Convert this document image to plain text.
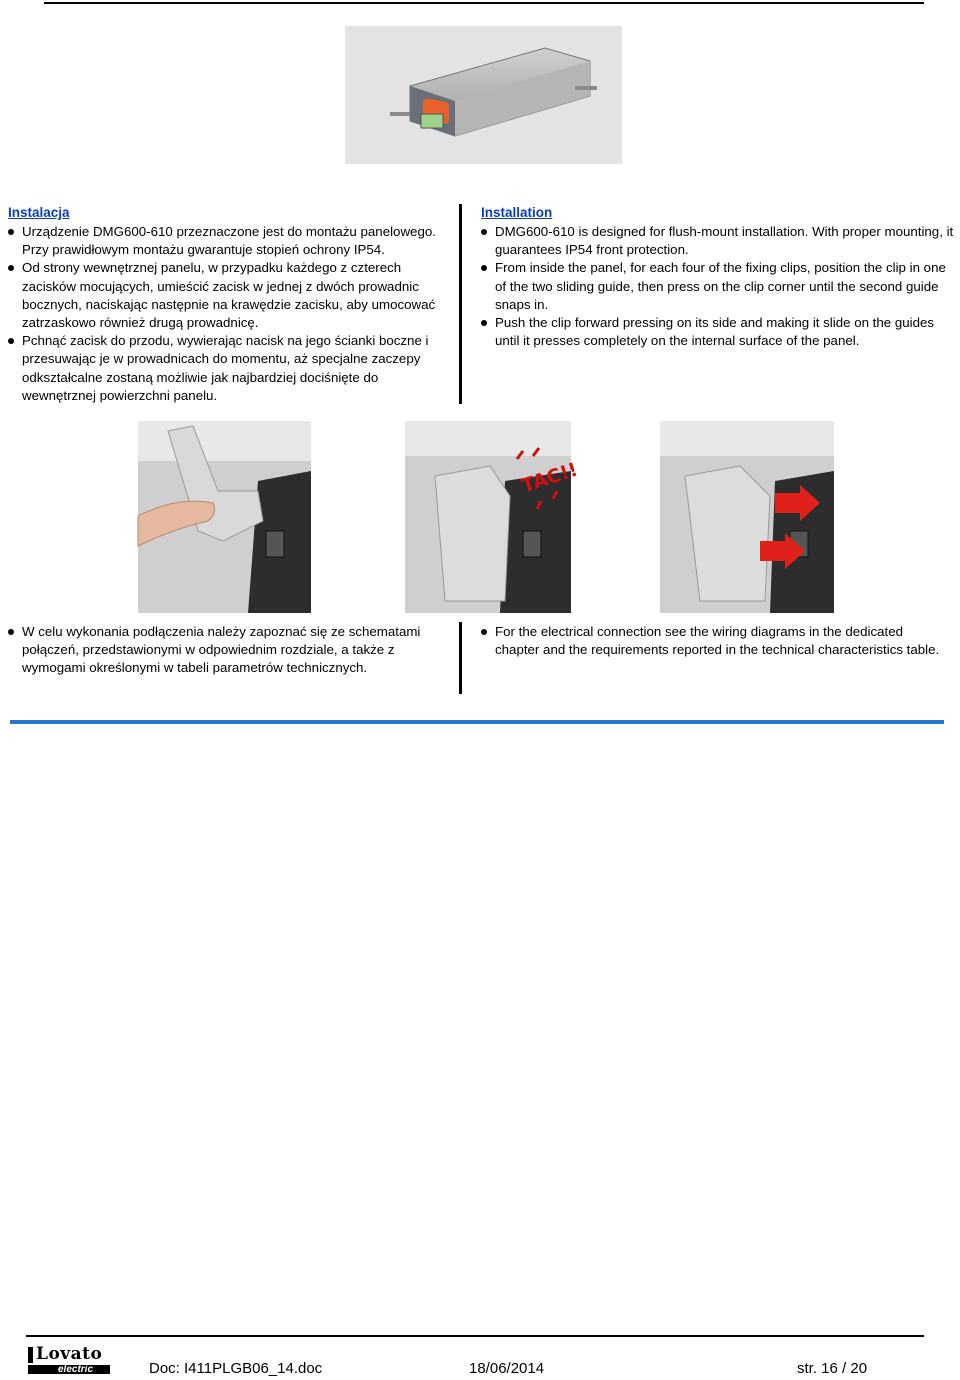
Instalacja
Urządzenie DMG600-610 przeznaczone jest do montażu panelowego. Przy prawidłowym montażu gwarantuje stopień ochrony IP54.
Od strony wewnętrznej panelu, w przypadku każdego z czterech zacisków mocujących, umieścić zacisk w jednej z dwóch prowadnic bocznych, naciskając następnie na krawędzie zacisku, aby umocować zatrzaskowo również drugą prowadnicę.
Pchnąć zacisk do przodu, wywierając nacisk na jego ścianki boczne i przesuwając je w prowadnicach do momentu, aż specjalne zaczepy odkształcalne zostaną możliwie jak najbardziej dociśnięte do wewnętrznej powierzchni panelu.
Installation
DMG600-610 is designed for flush-mount installation. With proper mounting, it guarantees IP54 front protection.
From inside the panel, for each four of the fixing clips, position the clip in one of the two sliding guide, then press on the clip corner until the second guide snaps in.
Push the clip forward pressing on its side and making it slide on the guides until it presses completely on the internal surface of the panel.
TAC!!
W celu wykonania podłączenia należy zapoznać się ze schematami połączeń, przedstawionymi w odpowiednim rozdziale, a także z wymogami określonymi w tabeli parametrów technicznych.
For the electrical connection see the wiring diagrams in the dedicated chapter and the requirements reported in the technical characteristics table.
Lovato
electric	Doc: I411PLGB06_14.doc	18/06/2014	str. 16 / 20
